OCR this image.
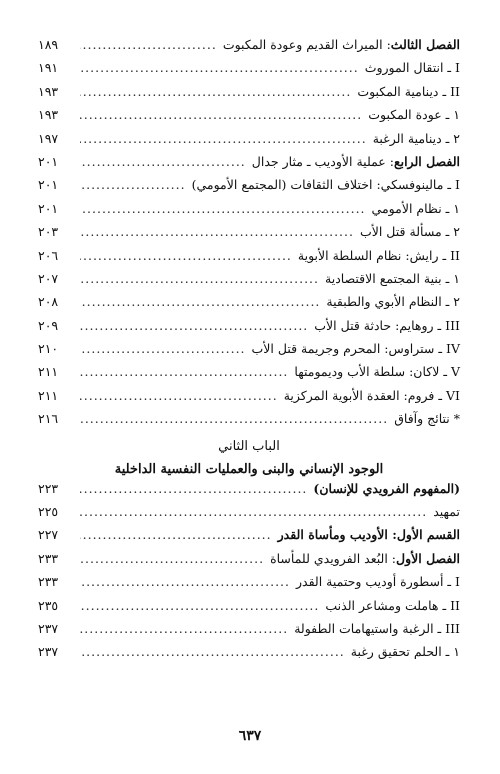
الفصل الثالث: الميراث القديم وعودة المكبوت
.....
١٨٩
I ـ انتقال الموروث
.....
١٩١
II ـ دينامية المكبوت
.....
١٩٣
١ ـ عودة المكبوت
.....
١٩٣
٢ ـ دينامية الرغبة
.....
١٩٧
الفصل الرابع: عملية الأوديب ـ مثار جدال
.....
٢٠١
I ـ مالينوفسكي: اختلاف الثقافات (المجتمع الأمومي)
.....
٢٠١
١ ـ نظام الأمومي
.....
٢٠١
٢ ـ مسألة قتل الأب
.....
٢٠٣
II ـ رايش: نظام السلطة الأبوية
.....
٢٠٦
١ ـ بنية المجتمع الاقتصادية
.....
٢٠٧
٢ ـ النظام الأبوي والطبقية
.....
٢٠٨
III ـ روهايم: حادثة قتل الأب
.....
٢٠٩
IV ـ ستراوس: المحرم وجريمة قتل الأب
.....
٢١٠
V ـ لاكان: سلطة الأب وديمومتها
.....
٢١١
VI ـ فروم: العقدة الأبوية المركزية
.....
٢١١
* نتائج وآفاق
.....
٢١٦
الباب الثاني
الوجود الإنساني والبنى والعمليات النفسية الداخلية
(المفهوم الفرويدي للإنسان)
.....
٢٢٣
تمهيد
.....
٢٢٥
القسم الأول: الأوديب ومأساة القدر
.....
٢٢٧
الفصل الأول: البُعد الفرويدي للمأساة
.....
٢٣٣
I ـ أسطورة أوديب وحتمية القدر
.....
٢٣٣
II ـ هاملت ومشاعر الذنب
.....
٢٣٥
III ـ الرغبة واستيهامات الطفولة
.....
٢٣٧
١ ـ الحلم تحقيق رغبة
.....
٢٣٧
٦٣٧
